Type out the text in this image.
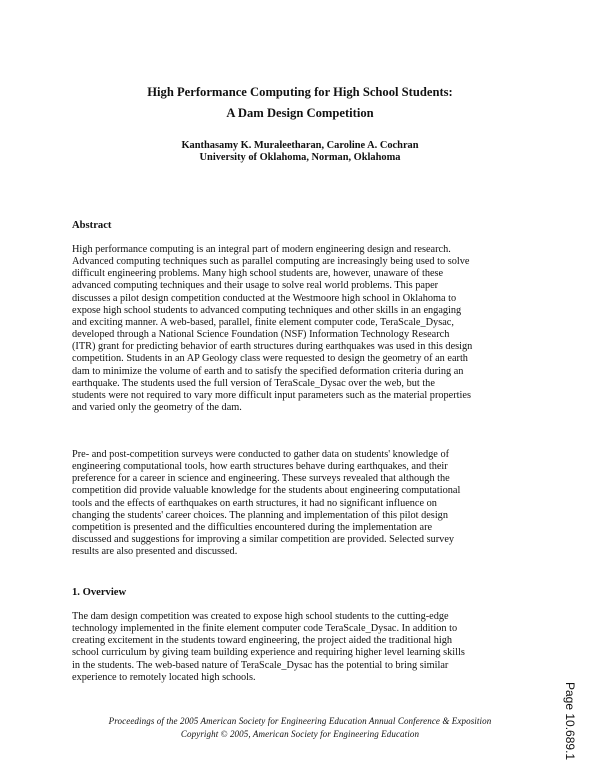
High Performance Computing for High School Students:
A Dam Design Competition
Kanthasamy K. Muraleetharan, Caroline A. Cochran
University of Oklahoma, Norman, Oklahoma
Abstract
High performance computing is an integral part of modern engineering design and research.
Advanced computing techniques such as parallel computing are increasingly being used to solve
difficult engineering problems. Many high school students are, however, unaware of these
advanced computing techniques and their usage to solve real world problems. This paper
discusses a pilot design competition conducted at the Westmoore high school in Oklahoma to
expose high school students to advanced computing techniques and other skills in an engaging
and exciting manner. A web-based, parallel, finite element computer code, TeraScale_Dysac,
developed through a National Science Foundation (NSF) Information Technology Research
(ITR) grant for predicting behavior of earth structures during earthquakes was used in this design
competition. Students in an AP Geology class were requested to design the geometry of an earth
dam to minimize the volume of earth and to satisfy the specified deformation criteria during an
earthquake. The students used the full version of TeraScale_Dysac over the web, but the
students were not required to vary more difficult input parameters such as the material properties
and varied only the geometry of the dam.
Pre- and post-competition surveys were conducted to gather data on students' knowledge of
engineering computational tools, how earth structures behave during earthquakes, and their
preference for a career in science and engineering. These surveys revealed that although the
competition did provide valuable knowledge for the students about engineering computational
tools and the effects of earthquakes on earth structures, it had no significant influence on
changing the students' career choices. The planning and implementation of this pilot design
competition is presented and the difficulties encountered during the implementation are
discussed and suggestions for improving a similar competition are provided. Selected survey
results are also presented and discussed.
1. Overview
The dam design competition was created to expose high school students to the cutting-edge
technology implemented in the finite element computer code TeraScale_Dysac. In addition to
creating excitement in the students toward engineering, the project aided the traditional high
school curriculum by giving team building experience and requiring higher level learning skills
in the students. The web-based nature of TeraScale_Dysac has the potential to bring similar
experience to remotely located high schools.
Proceedings of the 2005 American Society for Engineering Education Annual Conference & Exposition
Copyright © 2005, American Society for Engineering Education	Page 10.689.1
